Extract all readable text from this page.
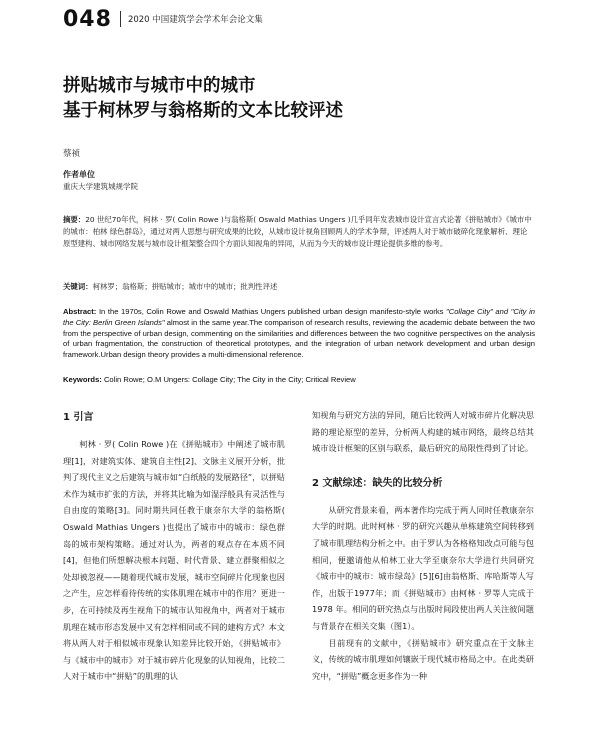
048 2020 中国建筑学会学术年会论文集
拼贴城市与城市中的城市
基于柯林罗与翁格斯的文本比较评述
蔡祯
作者单位
重庆大学建筑城规学院
摘要：20 世纪70年代，柯林 · 罗( Colin Rowe )与翁格斯( Oswald Mathias Ungers )几乎同年发表城市设计宣言式论著《拼贴城市》《城市中的城市：柏林 绿色群岛》，通过对两人思想与研究成果的比较，从城市设计视角回顾两人的学术争辩，评述两人对于城市破碎化现象解析、理论原型建构、城市网络发展与城市设计框架整合四个方面认知视角的异同，从而为今天的城市设计理论提供多维的参考。
关键词：柯林罗；翁格斯；拼贴城市；城市中的城市；批判性评述
Abstract: In the 1970s, Colin Rowe and Oswald Mathias Ungers published urban design manifesto-style works "Collage City" and "City in the City: Berlin Green Islands" almost in the same year.The comparison of research results, reviewing the academic debate between the two from the perspective of urban design, commenting on the similarities and differences between the two cognitive perspectives on the analysis of urban fragmentation, the construction of theoretical prototypes, and the integration of urban network development and urban design framework.Urban design theory provides a multi-dimensional reference.
Keywords: Colin Rowe; O.M Ungers: Collage City; The City in the City; Critical Review
1 引言

柯林 · 罗( Colin Rowe )在《拼贴城市》中阐述了城市肌理[1]，对建筑实体、建筑自主性[2]、文脉主义展开分析，批判了现代主义之后建筑与城市如“白纸般的发展路径”，以拼贴术作为城市扩张的方法，并将其比喻为如湿浮般具有灵活性与自由度的策略[3]。同时期共同任教于康奈尔大学的翁格斯( Oswald Mathias Ungers )也提出了城市中的城市：绿色群岛的城市架构策略。通过对认为，两者的观点存在本质不同[4]，但他们所想解决根本问题、时代背景、建立群聚相似之处却被忽视——随着现代城市发展，城市空间碎片化现象也因之产生，应怎样看待传统的实体肌理在城市中的作用？更进一步，在可持续及再生视角下的城市认知视角中，两者对于城市肌理在城市形态发展中又有怎样相同或不同的建构方式？本文将从两人对于相似城市现象认知差异比较开始，《拼贴城市》与《城市中的城市》对于城市碎片化现象的认知视角，比较二人对于城市中“拼贴”的肌理的认

知视角与研究方法的异同，随后比较两人对城市碎片化解决思路的理论原型的差异，分析两人构建的城市网络，最终总结其城市设计框架的区别与联系，最后研究的局限性得到了讨论。

2 文献综述：缺失的比较分析

从研究背景来看，两本著作均完成于两人同时任教康奈尔大学的时期。此时柯林 · 罗的研究兴趣从单栋建筑空间转移到了城市肌理结构分析之中。由于罗认为各格格知改点可能与包相同，便邀请他从柏林工业大学至康奈尔大学进行共同研究《城市中的城市：城市绿岛》[5][6]由翁格斯、库哈斯等人写作，出版于1977年；而《拼贴城市》由柯林 · 罗等人完成于1978 年。相同的研究热点与出版时间段使出两人关注彼间题与背景存在相关交集（图1）。

目前现有的文献中，《拼贴城市》研究重点在于文脉主义，传统的城市肌理如何镶嵌于现代城市格局之中。在此类研究中，“拼贴”概念更多作为一种
